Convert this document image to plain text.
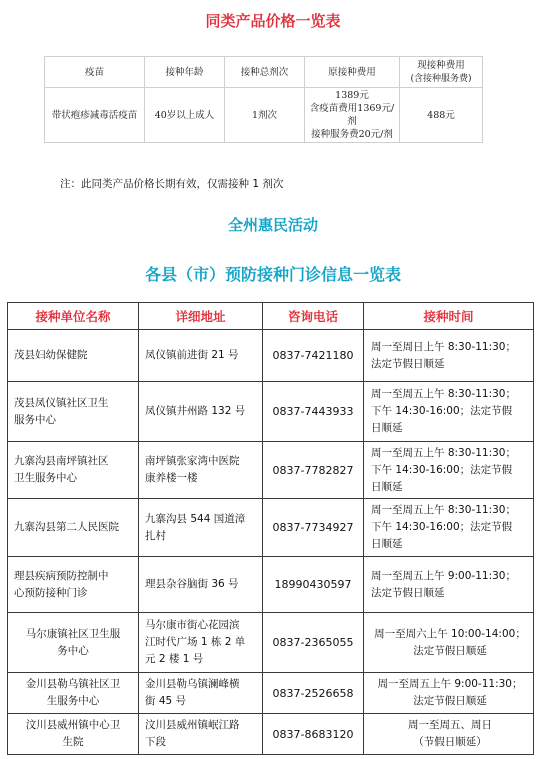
同类产品价格一览表
疫苗	接种年龄	接种总剂次	原接种费用	现接种费用
(含接种服务费)
带状疱疹减毒活疫苗	40岁以上成人	1剂次	1389元
含疫苗费用1369元/剂
接种服务费20元/剂	488元
注：此同类产品价格长期有效，仅需接种 1 剂次
全州惠民活动
各县（市）预防接种门诊信息一览表
接种单位名称	详细地址	咨询电话	接种时间
茂县妇幼保健院	凤仪镇前进街 21 号	0837-7421180	周一至周日上午 8:30-11:30；
法定节假日顺延
茂县凤仪镇社区卫生
服务中心	凤仪镇井州路 132 号	0837-7443933	周一至周五上午 8:30-11:30；
下午 14:30-16:00；法定节假
日顺延
九寨沟县南坪镇社区
卫生服务中心	南坪镇张家湾中医院
康养楼一楼	0837-7782827	周一至周五上午 8:30-11:30；
下午 14:30-16:00；法定节假
日顺延
九寨沟县第二人民医院	九寨沟县 544 国道漳
扎村	0837-7734927	周一至周五上午 8:30-11:30；
下午 14:30-16:00；法定节假
日顺延
理县疾病预防控制中
心预防接种门诊	理县杂谷脑街 36 号	18990430597	周一至周五上午 9:00-11:30；
法定节假日顺延
马尔康镇社区卫生服
务中心	马尔康市街心花园滨
江时代广场 1 栋 2 单
元 2 楼 1 号	0837-2365055	周一至周六上午 10:00-14:00；
法定节假日顺延
金川县勒乌镇社区卫
生服务中心	金川县勒乌镇澜峰横
街 45 号	0837-2526658	周一至周五上午 9:00-11:30；
法定节假日顺延
汶川县威州镇中心卫
生院	汶川县威州镇岷江路
下段	0837-8683120	周一至周五、周日
（节假日顺延）
